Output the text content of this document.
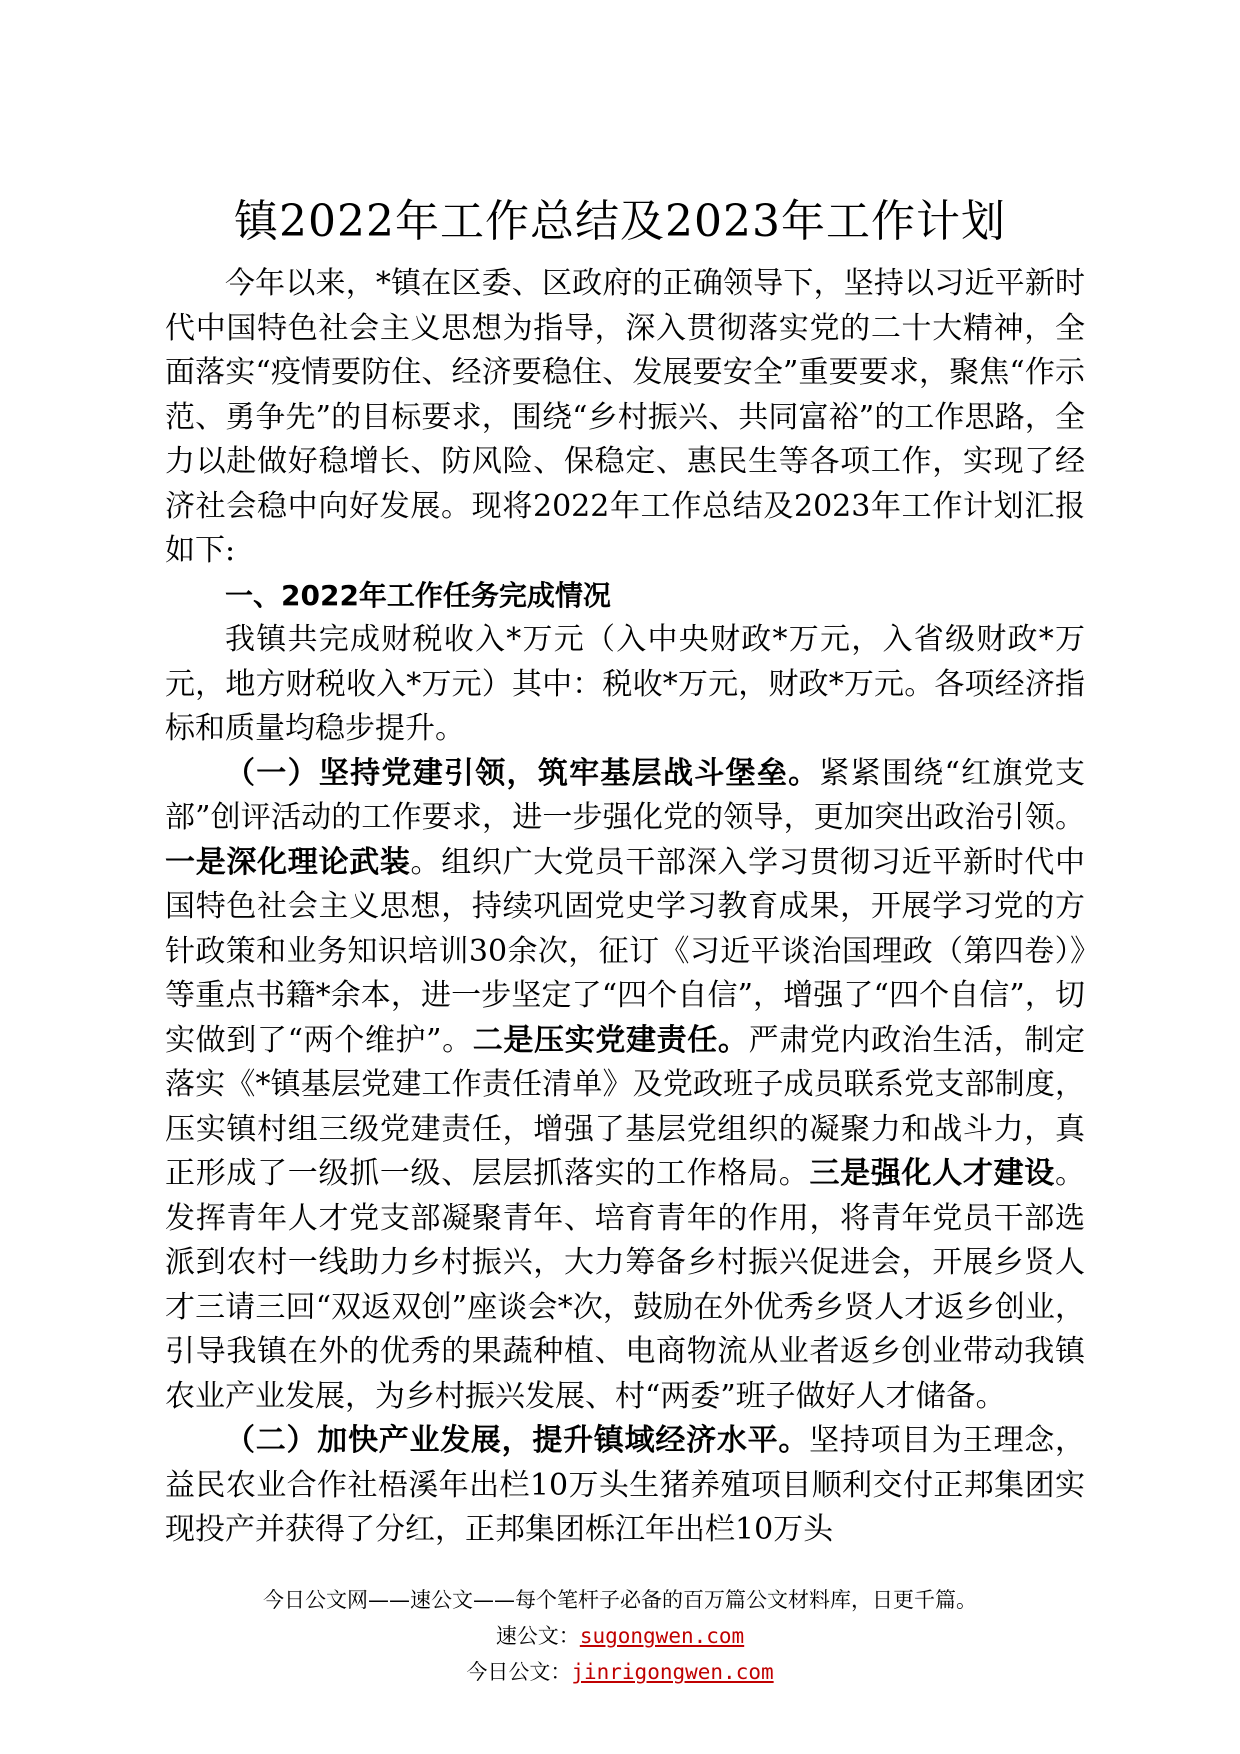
镇2022年工作总结及2023年工作计划

今年以来，*镇在区委、区政府的正确领导下，坚持以习近平新时代中国特色社会主义思想为指导，深入贯彻落实党的二十大精神，全面落实“疫情要防住、经济要稳住、发展要安全”重要要求，聚焦“作示范、勇争先”的目标要求，围绕“乡村振兴、共同富裕”的工作思路，全力以赴做好稳增长、防风险、保稳定、惠民生等各项工作，实现了经济社会稳中向好发展。现将2022年工作总结及2023年工作计划汇报如下:

一、2022年工作任务完成情况

我镇共完成财税收入*万元（入中央财政*万元，入省级财政*万元，地方财税收入*万元）其中：税收*万元，财政*万元。各项经济指标和质量均稳步提升。

（一）坚持党建引领，筑牢基层战斗堡垒。紧紧围绕“红旗党支部”创评活动的工作要求，进一步强化党的领导，更加突出政治引领。一是深化理论武装。组织广大党员干部深入学习贯彻习近平新时代中国特色社会主义思想，持续巩固党史学习教育成果，开展学习党的方针政策和业务知识培训30余次，征订《习近平谈治国理政（第四卷）》等重点书籍*余本，进一步坚定了“四个自信”，增强了“四个自信”，切实做到了“两个维护”。二是压实党建责任。严肃党内政治生活，制定落实《*镇基层党建工作责任清单》及党政班子成员联系党支部制度，压实镇村组三级党建责任，增强了基层党组织的凝聚力和战斗力，真正形成了一级抓一级、层层抓落实的工作格局。三是强化人才建设。发挥青年人才党支部凝聚青年、培育青年的作用，将青年党员干部选派到农村一线助力乡村振兴，大力筹备乡村振兴促进会，开展乡贤人才三请三回“双返双创”座谈会*次，鼓励在外优秀乡贤人才返乡创业，引导我镇在外的优秀的果蔬种植、电商物流从业者返乡创业带动我镇农业产业发展，为乡村振兴发展、村“两委”班子做好人才储备。

（二）加快产业发展，提升镇域经济水平。坚持项目为王理念，益民农业合作社梧溪年出栏10万头生猪养殖项目顺利交付正邦集团实现投产并获得了分红，正邦集团栎江年出栏10万头

今日公文网——速公文——每个笔杆子必备的百万篇公文材料库，日更千篇。
速公文：sugongwen.com
今日公文：jinrigongwen.com
